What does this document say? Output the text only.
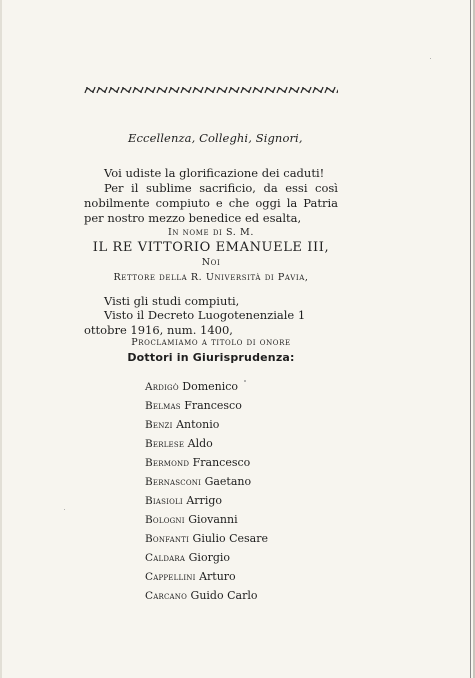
Eccellenza, Colleghi, Signori,
Voi udiste la glorificazione dei caduti!
Per il sublime sacrificio, da essi così nobilmente compiuto e che oggi la Patria per nostro mezzo benedice ed esalta,
In nome di S. M.
IL RE VITTORIO EMANUELE III,
Noi
Rettore della R. Università di Pavia,
Visti gli studi compiuti,
Visto il Decreto Luogotenenziale 1 ottobre 1916, num. 1400,
Proclamiamo a titolo di onore
Dottori in Giurisprudenza:
Ardigò Domenico
Belmas Francesco
Benzi Antonio
Berlese Aldo
Bermond Francesco
Bernasconi Gaetano
Biasioli Arrigo
Bologni Giovanni
Bonfanti Giulio Cesare
Caldara Giorgio
Cappellini Arturo
Carcano Guido Carlo
